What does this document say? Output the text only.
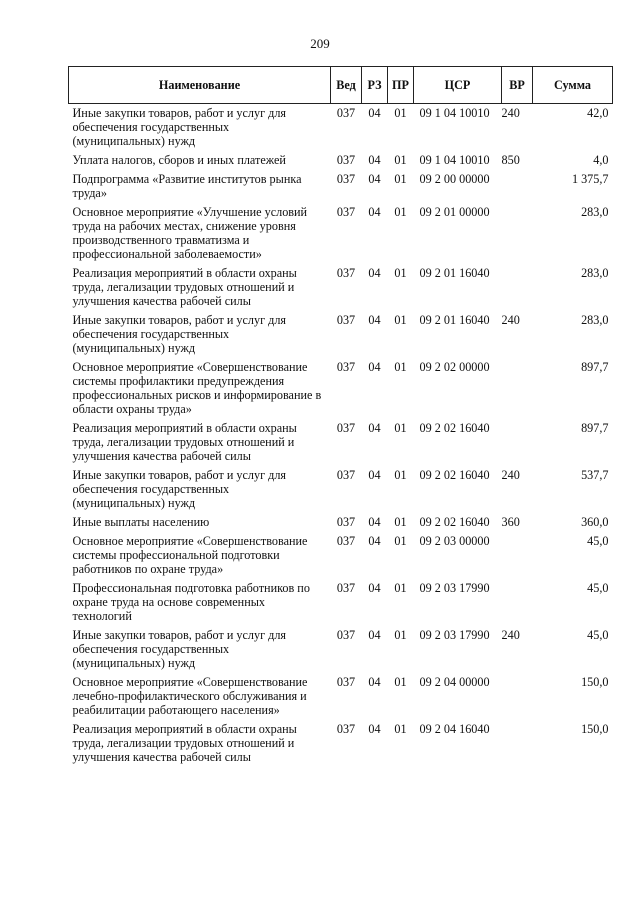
209
Наименование	Вед	РЗ	ПР	ЦСР	ВР	Сумма
Иные закупки товаров, работ и услуг для обеспечения государственных (муниципальных) нужд	037	04	01	09 1 04 10010	240	42,0
Уплата налогов, сборов и иных платежей	037	04	01	09 1 04 10010	850	4,0
Подпрограмма «Развитие институтов рынка труда»	037	04	01	09 2 00 00000		1 375,7
Основное мероприятие «Улучшение условий труда на рабочих местах, снижение уровня производственного травматизма и профессиональной заболеваемости»	037	04	01	09 2 01 00000		283,0
Реализация мероприятий в области охраны труда, легализации трудовых отношений и улучшения качества рабочей силы	037	04	01	09 2 01 16040		283,0
Иные закупки товаров, работ и услуг для обеспечения государственных (муниципальных) нужд	037	04	01	09 2 01 16040	240	283,0
Основное мероприятие «Совершенствование системы профилактики предупреждения профессиональных рисков и информирование в области охраны труда»	037	04	01	09 2 02 00000		897,7
Реализация мероприятий в области охраны труда, легализации трудовых отношений и улучшения качества рабочей силы	037	04	01	09 2 02 16040		897,7
Иные закупки товаров, работ и услуг для обеспечения государственных (муниципальных) нужд	037	04	01	09 2 02 16040	240	537,7
Иные выплаты населению	037	04	01	09 2 02 16040	360	360,0
Основное мероприятие «Совершенствование системы профессиональной подготовки работников по охране труда»	037	04	01	09 2 03 00000		45,0
Профессиональная подготовка работников по охране труда на основе современных технологий	037	04	01	09 2 03 17990		45,0
Иные закупки товаров, работ и услуг для обеспечения государственных (муниципальных) нужд	037	04	01	09 2 03 17990	240	45,0
Основное мероприятие «Совершенствование лечебно-профилактического обслуживания и реабилитации работающего населения»	037	04	01	09 2 04 00000		150,0
Реализация мероприятий в области охраны труда, легализации трудовых отношений и улучшения качества рабочей силы	037	04	01	09 2 04 16040		150,0
